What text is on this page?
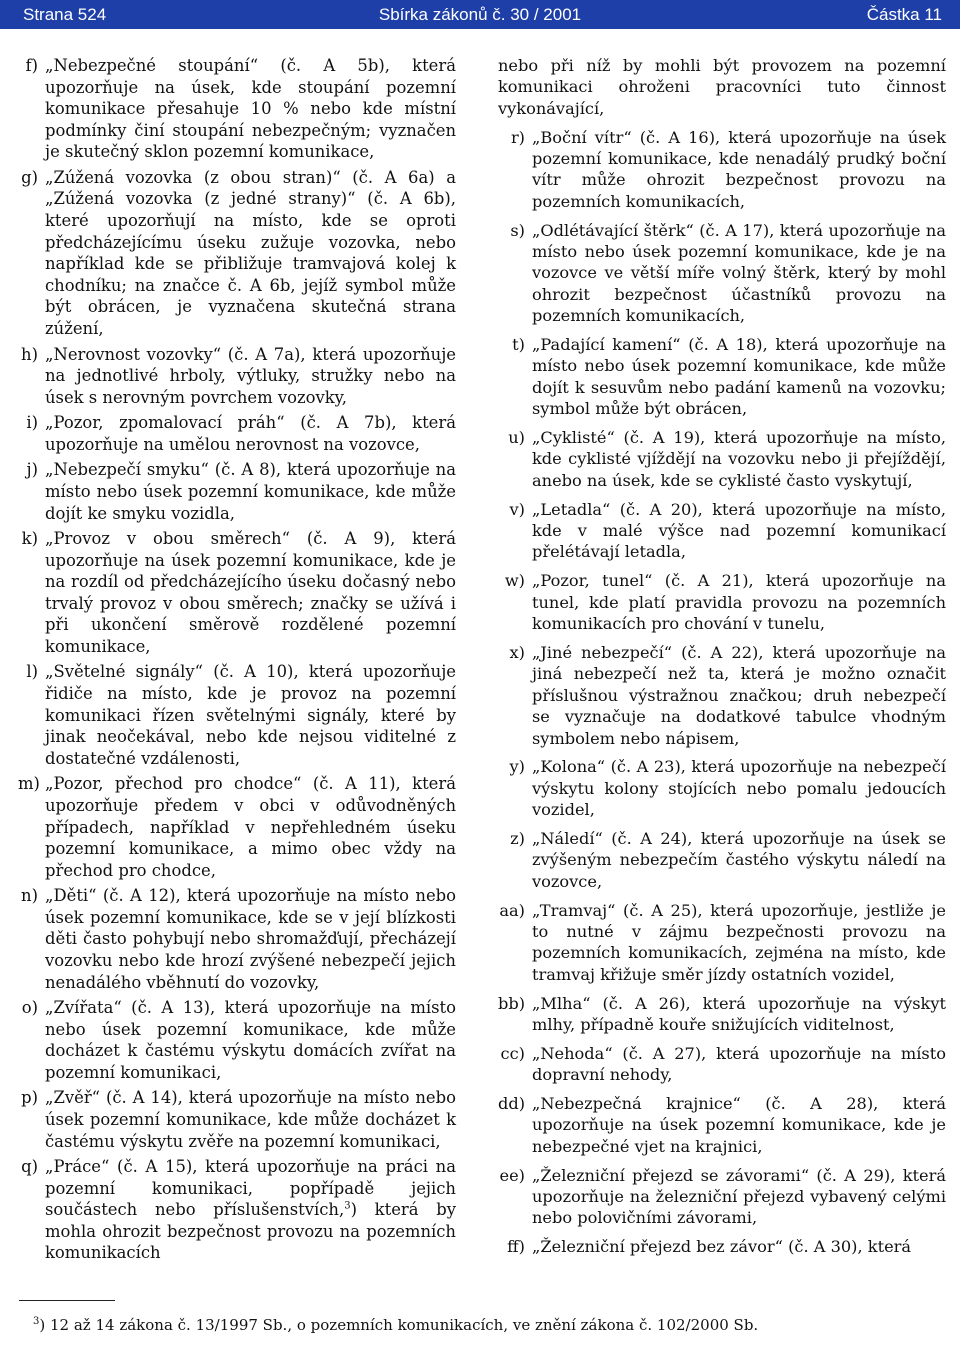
Strana 524	Sbírka zákonů č. 30 / 2001	Částka 11
f) „Nebezpečné stoupání“ (č. A 5b), která upozorňuje na úsek, kde stoupání pozemní komunikace přesahuje 10 % nebo kde místní podmínky činí stoupání nebezpečným; vyznačen je skutečný sklon pozemní komunikace,
g) „Zúžená vozovka (z obou stran)“ (č. A 6a) a „Zúžená vozovka (z jedné strany)“ (č. A 6b), které upozorňují na místo, kde se oproti předcházejícímu úseku zužuje vozovka, nebo například kde se přibližuje tramvajová kolej k chodníku; na značce č. A 6b, jejíž symbol může být obrácen, je vyznačena skutečná strana zúžení,
h) „Nerovnost vozovky“ (č. A 7a), která upozorňuje na jednotlivé hrboly, výtluky, stružky nebo na úsek s nerovným povrchem vozovky,
i) „Pozor, zpomalovací práh“ (č. A 7b), která upozorňuje na umělou nerovnost na vozovce,
j) „Nebezpečí smyku“ (č. A 8), která upozorňuje na místo nebo úsek pozemní komunikace, kde může dojít ke smyku vozidla,
k) „Provoz v obou směrech“ (č. A 9), která upozorňuje na úsek pozemní komunikace, kde je na rozdíl od předcházejícího úseku dočasný nebo trvalý provoz v obou směrech; značky se užívá i při ukončení směrově rozdělené pozemní komunikace,
l) „Světelné signály“ (č. A 10), která upozorňuje řidiče na místo, kde je provoz na pozemní komunikaci řízen světelnými signály, které by jinak neočekával, nebo kde nejsou viditelné z dostatečné vzdálenosti,
m) „Pozor, přechod pro chodce“ (č. A 11), která upozorňuje předem v obci v odůvodněných případech, například v nepřehledném úseku pozemní komunikace, a mimo obec vždy na přechod pro chodce,
n) „Děti“ (č. A 12), která upozorňuje na místo nebo úsek pozemní komunikace, kde se v její blízkosti děti často pohybují nebo shromažďují, přecházejí vozovku nebo kde hrozí zvýšené nebezpečí jejich nenadálého vběhnutí do vozovky,
o) „Zvířata“ (č. A 13), která upozorňuje na místo nebo úsek pozemní komunikace, kde může docházet k častému výskytu domácích zvířat na pozemní komunikaci,
p) „Zvěř“ (č. A 14), která upozorňuje na místo nebo úsek pozemní komunikace, kde může docházet k častému výskytu zvěře na pozemní komunikaci,
q) „Práce“ (č. A 15), která upozorňuje na práci na pozemní komunikaci, popřípadě jejich součástech nebo příslušenstvích,$^3$) která by mohla ohrozit bezpečnost provozu na pozemních komunikacích
nebo při níž by mohli být provozem na pozemní komunikaci ohroženi pracovníci tuto činnost vykonávající,
r) „Boční vítr“ (č. A 16), která upozorňuje na úsek pozemní komunikace, kde nenadálý prudký boční vítr může ohrozit bezpečnost provozu na pozemních komunikacích,
s) „Odlétávající štěrk“ (č. A 17), která upozorňuje na místo nebo úsek pozemní komunikace, kde je na vozovce ve větší míře volný štěrk, který by mohl ohrozit bezpečnost účastníků provozu na pozemních komunikacích,
t) „Padající kamení“ (č. A 18), která upozorňuje na místo nebo úsek pozemní komunikace, kde může dojít k sesuvům nebo padání kamenů na vozovku; symbol může být obrácen,
u) „Cyklisté“ (č. A 19), která upozorňuje na místo, kde cyklisté vjíždějí na vozovku nebo ji přejíždějí, anebo na úsek, kde se cyklisté často vyskytují,
v) „Letadla“ (č. A 20), která upozorňuje na místo, kde v malé výšce nad pozemní komunikací přelétávají letadla,
w) „Pozor, tunel“ (č. A 21), která upozorňuje na tunel, kde platí pravidla provozu na pozemních komunikacích pro chování v tunelu,
x) „Jiné nebezpečí“ (č. A 22), která upozorňuje na jiná nebezpečí než ta, která je možno označit příslušnou výstražnou značkou; druh nebezpečí se vyznačuje na dodatkové tabulce vhodným symbolem nebo nápisem,
y) „Kolona“ (č. A 23), která upozorňuje na nebezpečí výskytu kolony stojících nebo pomalu jedoucích vozidel,
z) „Náledí“ (č. A 24), která upozorňuje na úsek se zvýšeným nebezpečím častého výskytu náledí na vozovce,
aa) „Tramvaj“ (č. A 25), která upozorňuje, jestliže je to nutné v zájmu bezpečnosti provozu na pozemních komunikacích, zejména na místo, kde tramvaj křižuje směr jízdy ostatních vozidel,
bb) „Mlha“ (č. A 26), která upozorňuje na výskyt mlhy, případně kouře snižujících viditelnost,
cc) „Nehoda“ (č. A 27), která upozorňuje na místo dopravní nehody,
dd) „Nebezpečná krajnice“ (č. A 28), která upozorňuje na úsek pozemní komunikace, kde je nebezpečné vjet na krajnici,
ee) „Železniční přejezd se závorami“ (č. A 29), která upozorňuje na železniční přejezd vybavený celými nebo polovičními závorami,
ff) „Železniční přejezd bez závor“ (č. A 30), která
$^3$) 12 až 14 zákona č. 13/1997 Sb., o pozemních komunikacích, ve znění zákona č. 102/2000 Sb.
